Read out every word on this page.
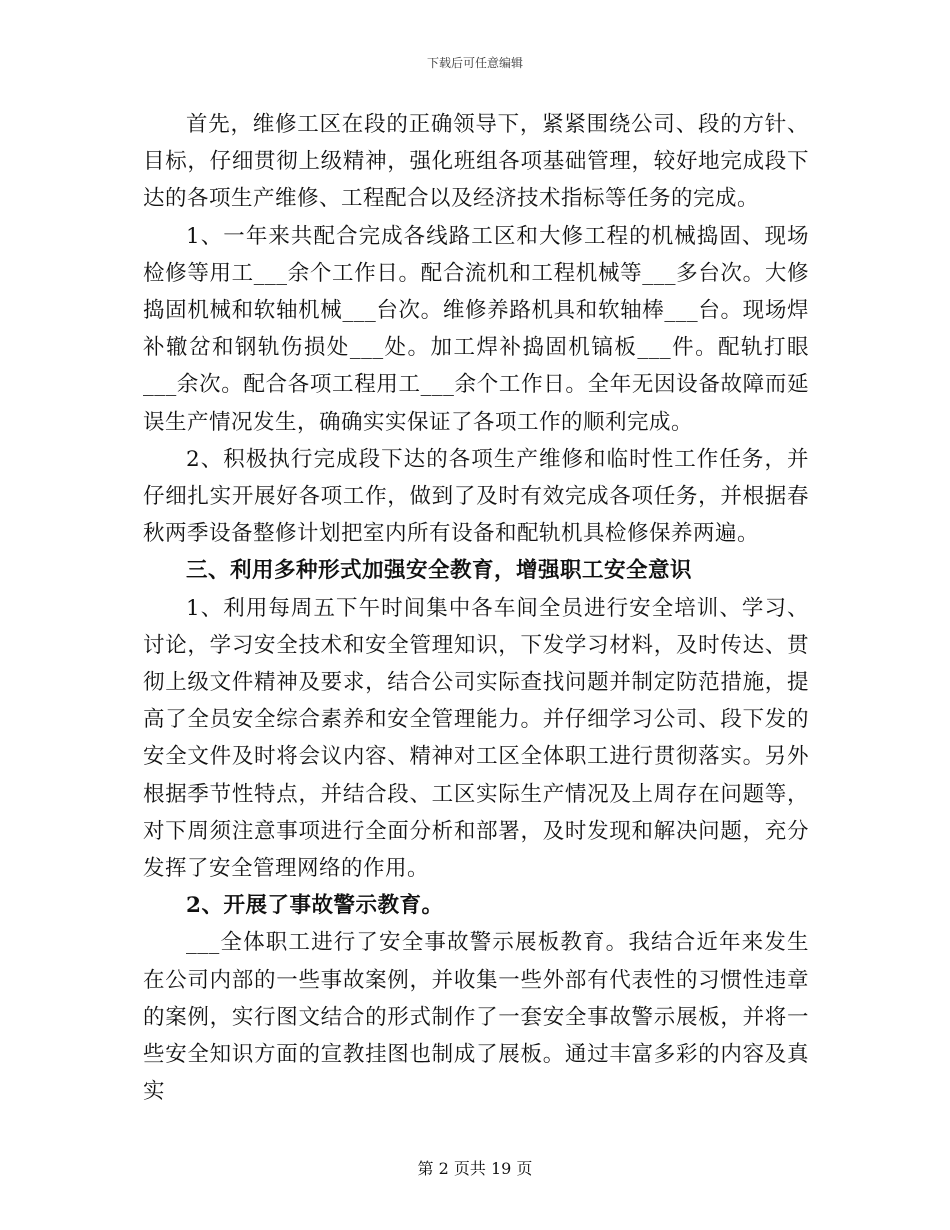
下载后可任意编辑

首先，维修工区在段的正确领导下，紧紧围绕公司、段的方针、目标，仔细贯彻上级精神，强化班组各项基础管理，较好地完成段下达的各项生产维修、工程配合以及经济技术指标等任务的完成。

1、一年来共配合完成各线路工区和大修工程的机械捣固、现场检修等用工___余个工作日。配合流机和工程机械等___多台次。大修捣固机械和软轴机械___台次。维修养路机具和软轴棒___台。现场焊补辙岔和钢轨伤损处___处。加工焊补捣固机镐板___件。配轨打眼___余次。配合各项工程用工___余个工作日。全年无因设备故障而延误生产情况发生，确确实实保证了各项工作的顺利完成。

2、积极执行完成段下达的各项生产维修和临时性工作任务，并仔细扎实开展好各项工作，做到了及时有效完成各项任务，并根据春秋两季设备整修计划把室内所有设备和配轨机具检修保养两遍。

三、利用多种形式加强安全教育，增强职工安全意识

1、利用每周五下午时间集中各车间全员进行安全培训、学习、讨论，学习安全技术和安全管理知识，下发学习材料，及时传达、贯彻上级文件精神及要求，结合公司实际查找问题并制定防范措施，提高了全员安全综合素养和安全管理能力。并仔细学习公司、段下发的安全文件及时将会议内容、精神对工区全体职工进行贯彻落实。另外根据季节性特点，并结合段、工区实际生产情况及上周存在问题等，对下周须注意事项进行全面分析和部署，及时发现和解决问题，充分发挥了安全管理网络的作用。

2、开展了事故警示教育。

___全体职工进行了安全事故警示展板教育。我结合近年来发生在公司内部的一些事故案例，并收集一些外部有代表性的习惯性违章的案例，实行图文结合的形式制作了一套安全事故警示展板，并将一些安全知识方面的宣教挂图也制成了展板。通过丰富多彩的内容及真实

第 2 页共 19 页
